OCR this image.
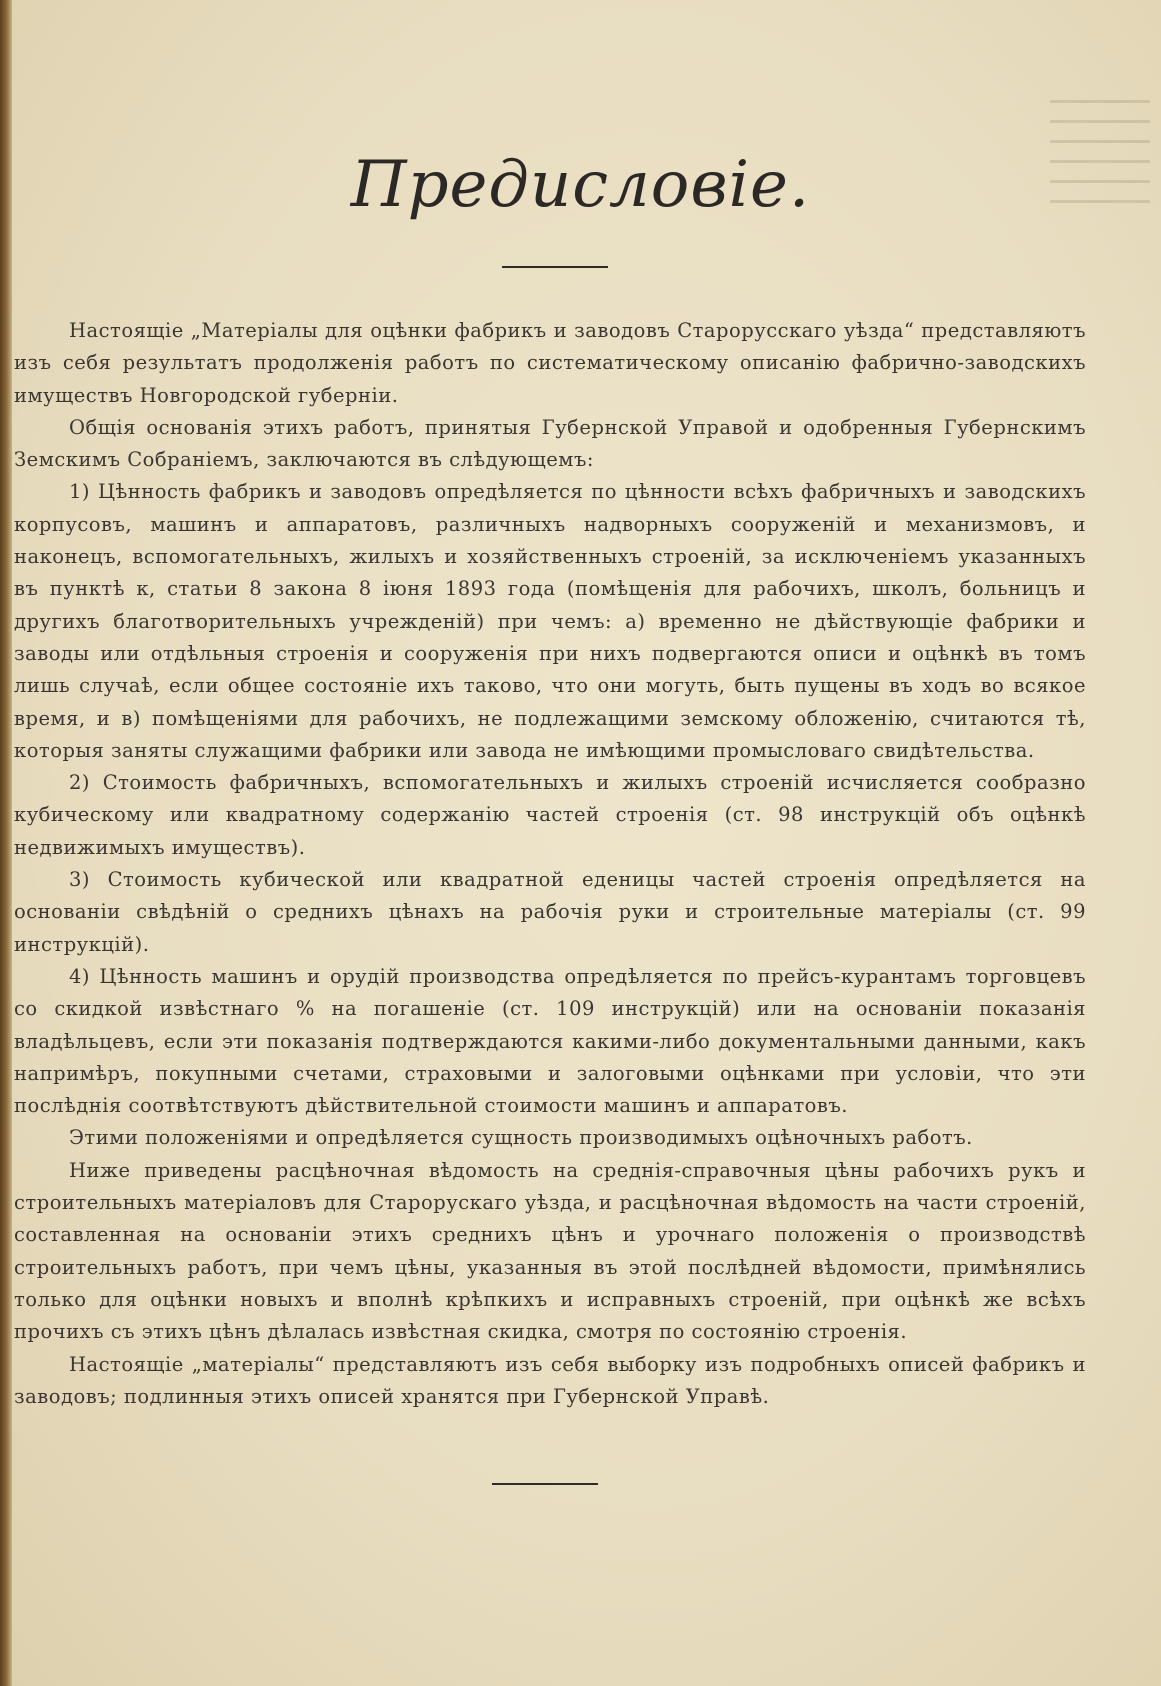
Предисловіе.

Настоящіе „Матеріалы для оцѣнки фабрикъ и заводовъ Старорусскаго уѣзда“ представляютъ изъ себя результатъ продолженія работъ по систематическому описанію фабрично-заводскихъ имуществъ Новгородской губерніи.

Общія основанія этихъ работъ, принятыя Губернской Управой и одобренныя Губернскимъ Земскимъ Собраніемъ, заключаются въ слѣдующемъ:

1) Цѣнность фабрикъ и заводовъ опредѣляется по цѣнности всѣхъ фабричныхъ и заводскихъ корпусовъ, машинъ и аппаратовъ, различныхъ надворныхъ сооруженій и механизмовъ, и наконецъ, вспомогательныхъ, жилыхъ и хозяйственныхъ строеній, за исключеніемъ указанныхъ въ пунктѣ к, статьи 8 закона 8 іюня 1893 года (помѣщенія для рабочихъ, школъ, больницъ и другихъ благотворительныхъ учрежденій) при чемъ: а) временно не дѣйствующіе фабрики и заводы или отдѣльныя строенія и сооруженія при нихъ подвергаются описи и оцѣнкѣ въ томъ лишь случаѣ, если общее состояніе ихъ таково, что они могуть, быть пущены въ ходъ во всякое время, и в) помѣщеніями для рабочихъ, не подлежащими земскому обложенію, считаются тѣ, которыя заняты служащими фабрики или завода не имѣющими промысловаго свидѣтельства.

2) Стоимость фабричныхъ, вспомогательныхъ и жилыхъ строеній исчисляется сообразно кубическому или квадратному содержанію частей строенія (ст. 98 инструкцій объ оцѣнкѣ недвижимыхъ имуществъ).

3) Стоимость кубической или квадратной еденицы частей строенія опредѣляется на основаніи свѣдѣній о среднихъ цѣнахъ на рабочія руки и строительные матеріалы (ст. 99 инструкцій).

4) Цѣнность машинъ и орудій производства опредѣляется по прейсъ-курантамъ торговцевъ со скидкой извѣстнаго % на погашеніе (ст. 109 инструкцій) или на основаніи показанія владѣльцевъ, если эти показанія подтверждаются какими-либо документальными данными, какъ напримѣръ, покупными счетами, страховыми и залоговыми оцѣнками при условіи, что эти послѣднія соотвѣтствуютъ дѣйствительной стоимости машинъ и аппаратовъ.

Этими положеніями и опредѣляется сущность производимыхъ оцѣночныхъ работъ.

Ниже приведены расцѣночная вѣдомость на среднія-справочныя цѣны рабочихъ рукъ и строительныхъ матеріаловъ для Старорускаго уѣзда, и расцѣночная вѣдомость на части строеній, составленная на основаніи этихъ среднихъ цѣнъ и урочнаго положенія о производствѣ строительныхъ работъ, при чемъ цѣны, указанныя въ этой послѣдней вѣдомости, примѣнялись только для оцѣнки новыхъ и вполнѣ крѣпкихъ и исправныхъ строеній, при оцѣнкѣ же всѣхъ прочихъ съ этихъ цѣнъ дѣлалась извѣстная скидка, смотря по состоянію строенія.

Настоящіе „матеріалы“ представляютъ изъ себя выборку изъ подробныхъ описей фабрикъ и заводовъ; подлинныя этихъ описей хранятся при Губернской Управѣ.
